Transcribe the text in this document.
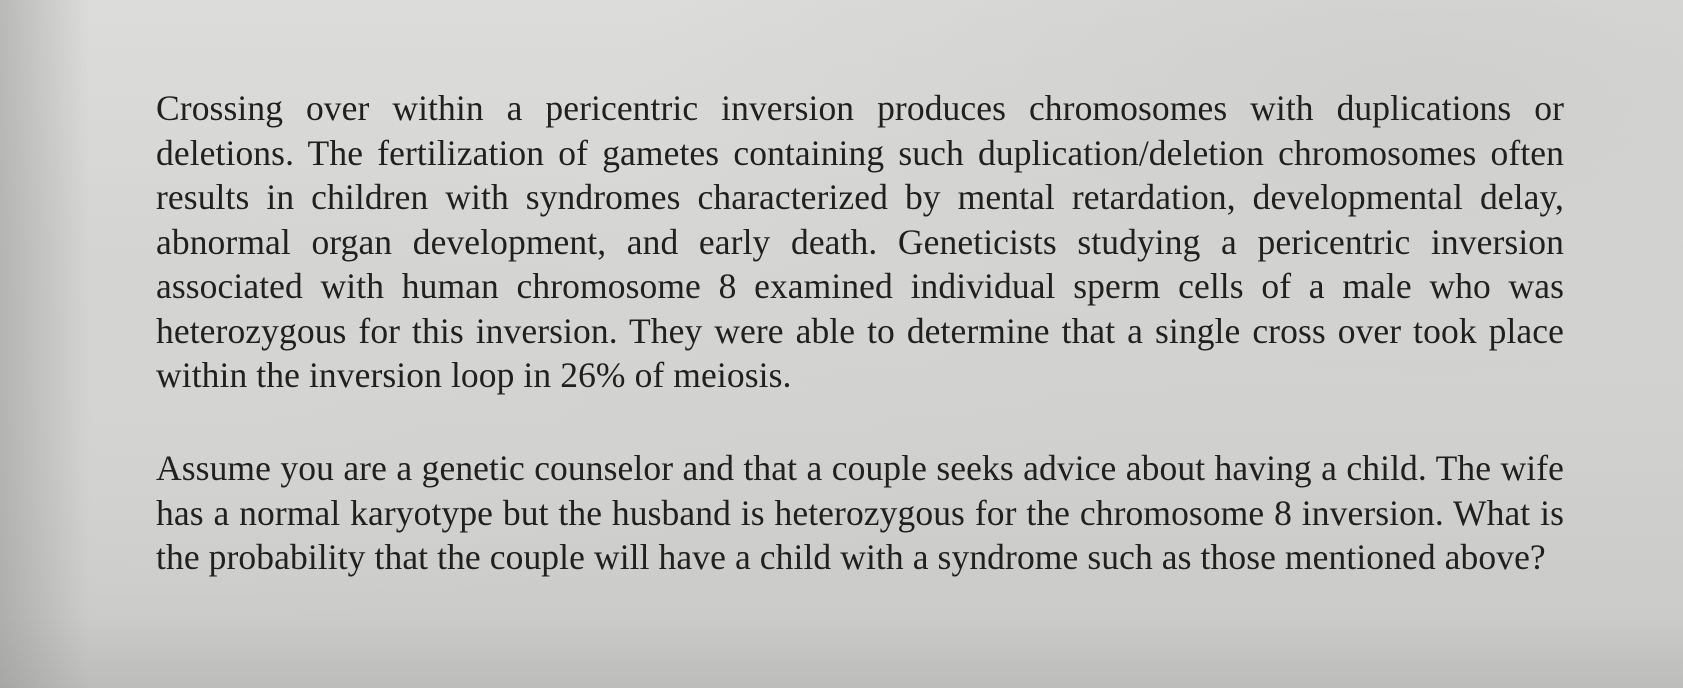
Crossing over within a pericentric inversion produces chromosomes with duplications or deletions. The fertilization of gametes containing such duplication/deletion chromosomes often results in children with syndromes characterized by mental retardation, developmental delay, abnormal organ development, and early death. Geneticists studying a pericentric inversion associated with human chromosome 8 examined individual sperm cells of a male who was heterozygous for this inversion. They were able to determine that a single cross over took place within the inversion loop in 26% of meiosis.

Assume you are a genetic counselor and that a couple seeks advice about having a child. The wife has a normal karyotype but the husband is heterozygous for the chromosome 8 inversion. What is the probability that the couple will have a child with a syndrome such as those mentioned above?
